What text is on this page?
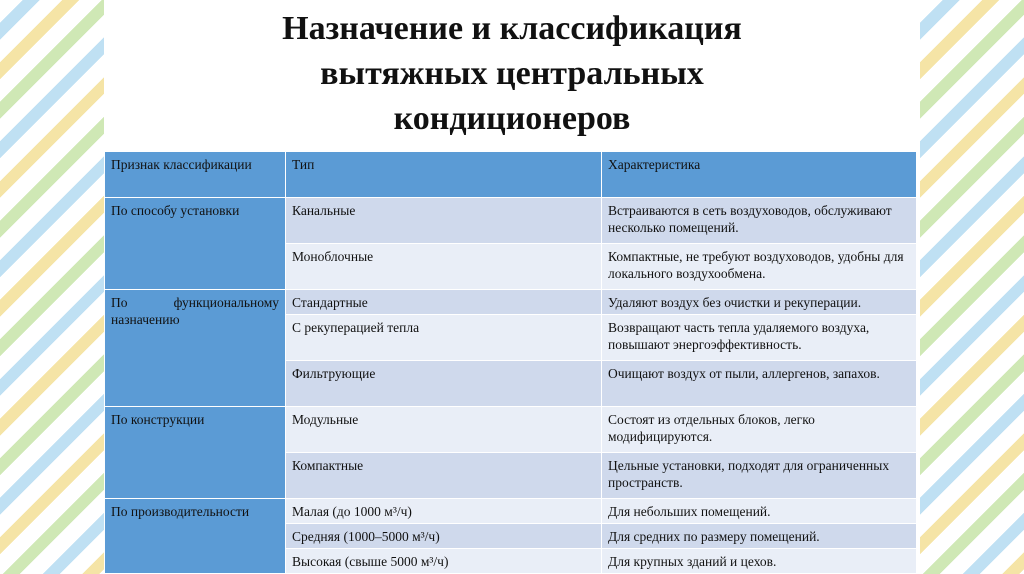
Назначение и классификация
вытяжных центральных
кондиционеров
Признак классификации	Тип	Характеристика
По способу установки	Канальные	Встраиваются в сеть воздуховодов, обслуживают несколько помещений.
	Моноблочные	Компактные, не требуют воздуховодов, удобны для локального воздухообмена.
По функциональному назначению	Стандартные	Удаляют воздух без очистки и рекуперации.
	С рекуперацией тепла	Возвращают часть тепла удаляемого воздуха, повышают энергоэффективность.
	Фильтрующие	Очищают воздух от пыли, аллергенов, запахов.
По конструкции	Модульные	Состоят из отдельных блоков, легко модифицируются.
	Компактные	Цельные установки, подходят для ограниченных пространств.
По производительности	Малая (до 1000 м³/ч)	Для небольших помещений.
	Средняя (1000–5000 м³/ч)	Для средних по размеру помещений.
	Высокая (свыше 5000 м³/ч)	Для крупных зданий и цехов.
